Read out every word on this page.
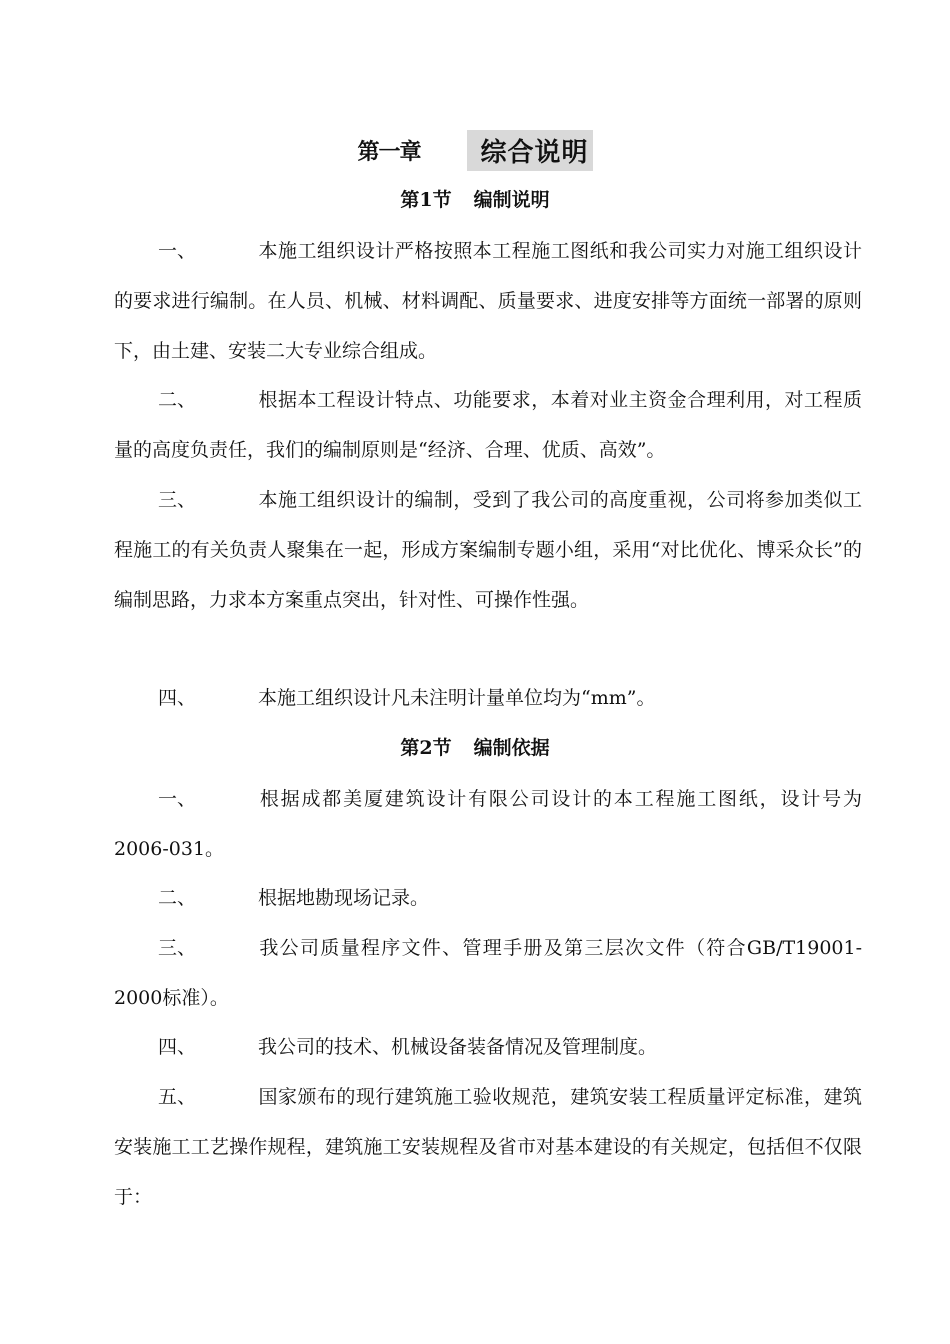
第一章 综合说明
第1节 编制说明
一、	本施工组织设计严格按照本工程施工图纸和我公司实力对施工组织设计的要求进行编制。在人员、机械、材料调配、质量要求、进度安排等方面统一部署的原则下，由土建、安装二大专业综合组成。
二、	根据本工程设计特点、功能要求，本着对业主资金合理利用，对工程质量的高度负责任，我们的编制原则是“经济、合理、优质、高效”。
三、	本施工组织设计的编制，受到了我公司的高度重视，公司将参加类似工程施工的有关负责人聚集在一起，形成方案编制专题小组，采用“对比优化、博采众长”的编制思路，力求本方案重点突出，针对性、可操作性强。
四、	本施工组织设计凡未注明计量单位均为“mm”。
第2节 编制依据
一、	根据成都美厦建筑设计有限公司设计的本工程施工图纸，设计号为2006-031。
二、	根据地勘现场记录。
三、	我公司质量程序文件、管理手册及第三层次文件（符合GB/T19001-2000标准）。
四、	我公司的技术、机械设备装备情况及管理制度。
五、	国家颁布的现行建筑施工验收规范，建筑安装工程质量评定标准，建筑安装施工工艺操作规程，建筑施工安装规程及省市对基本建设的有关规定，包括但不仅限于：
